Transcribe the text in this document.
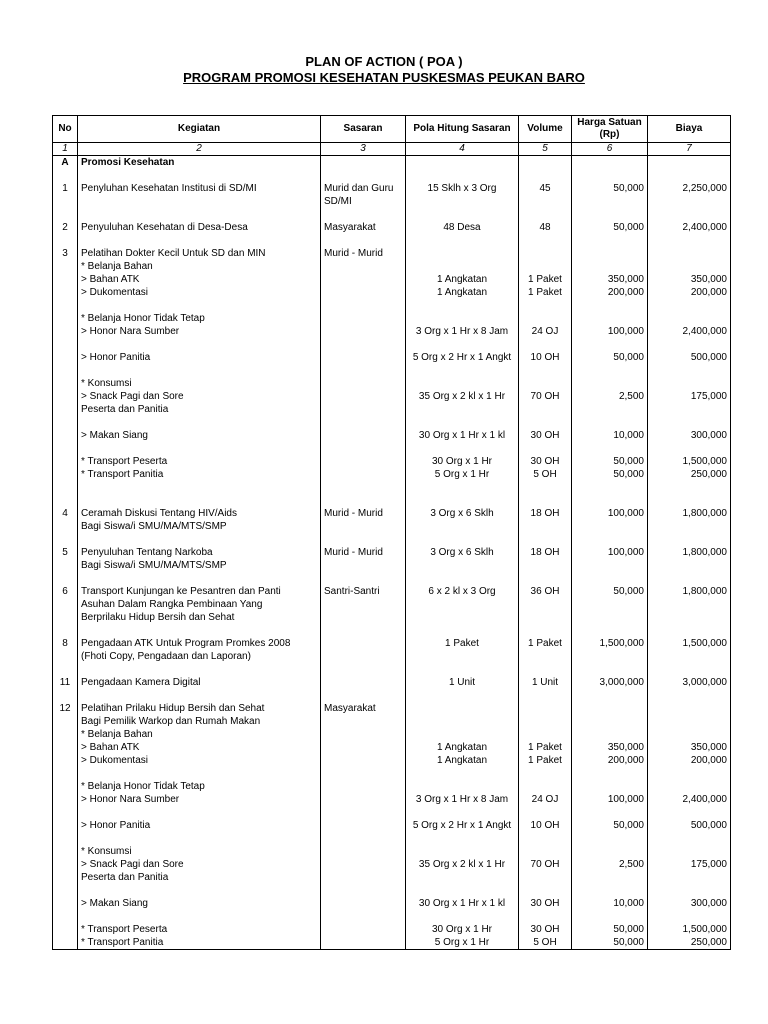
PLAN OF ACTION ( POA )
PROGRAM PROMOSI KESEHATAN PUSKESMAS PEUKAN BARO
No	Kegiatan	Sasaran	Pola Hitung Sasaran	Volume	Harga Satuan (Rp)	Biaya
1	2	3	4	5	6	7
A	Promosi Kesehatan					

1	Penyluhan Kesehatan Institusi di SD/MI	Murid dan Guru	15 Sklh x 3 Org	45	50,000	2,250,000
		SD/MI				

2	Penyuluhan Kesehatan di Desa-Desa	Masyarakat	48 Desa	48	50,000	2,400,000

3	Pelatihan Dokter Kecil Untuk SD dan MIN	Murid - Murid				
	* Belanja Bahan					
	> Bahan ATK		1 Angkatan	1 Paket	350,000	350,000
	> Dukomentasi		1 Angkatan	1 Paket	200,000	200,000

	* Belanja Honor Tidak Tetap					
	> Honor Nara Sumber		3 Org x 1 Hr x 8 Jam	24 OJ	100,000	2,400,000

	> Honor Panitia		5 Org x 2 Hr x 1 Angkt	10 OH	50,000	500,000

	* Konsumsi					
	> Snack Pagi dan Sore		35 Org x 2 kl x 1 Hr	70 OH	2,500	175,000
	Peserta dan Panitia					

	> Makan Siang		30 Org x 1 Hr x 1 kl	30 OH	10,000	300,000

	* Transport Peserta		30 Org x 1 Hr	30 OH	50,000	1,500,000
	* Transport Panitia		5 Org x 1 Hr	5 OH	50,000	250,000

4	Ceramah Diskusi Tentang HIV/Aids	Murid - Murid	3 Org x 6 Sklh	18 OH	100,000	1,800,000
	Bagi Siswa/i SMU/MA/MTS/SMP					

5	Penyuluhan Tentang Narkoba	Murid - Murid	3 Org x 6 Sklh	18 OH	100,000	1,800,000
	Bagi Siswa/i SMU/MA/MTS/SMP					

6	Transport Kunjungan ke Pesantren dan Panti	Santri-Santri	6 x 2 kl x 3 Org	36 OH	50,000	1,800,000
	Asuhan Dalam Rangka Pembinaan Yang					
	Berprilaku Hidup Bersih dan Sehat					

8	Pengadaan ATK Untuk Program Promkes 2008		1 Paket	1 Paket	1,500,000	1,500,000
	(Fhoti Copy, Pengadaan dan Laporan)					

11	Pengadaan Kamera Digital		1 Unit	1 Unit	3,000,000	3,000,000

12	Pelatihan Prilaku Hidup Bersih dan Sehat	Masyarakat				
	Bagi Pemilik Warkop dan Rumah Makan					
	* Belanja Bahan					
	> Bahan ATK		1 Angkatan	1 Paket	350,000	350,000
	> Dukomentasi		1 Angkatan	1 Paket	200,000	200,000

	* Belanja Honor Tidak Tetap					
	> Honor Nara Sumber		3 Org x 1 Hr x 8 Jam	24 OJ	100,000	2,400,000

	> Honor Panitia		5 Org x 2 Hr x 1 Angkt	10 OH	50,000	500,000

	* Konsumsi					
	> Snack Pagi dan Sore		35 Org x 2 kl x 1 Hr	70 OH	2,500	175,000
	Peserta dan Panitia					

	> Makan Siang		30 Org x 1 Hr x 1 kl	30 OH	10,000	300,000

	* Transport Peserta		30 Org x 1 Hr	30 OH	50,000	1,500,000
	* Transport Panitia		5 Org x 1 Hr	5 OH	50,000	250,000
